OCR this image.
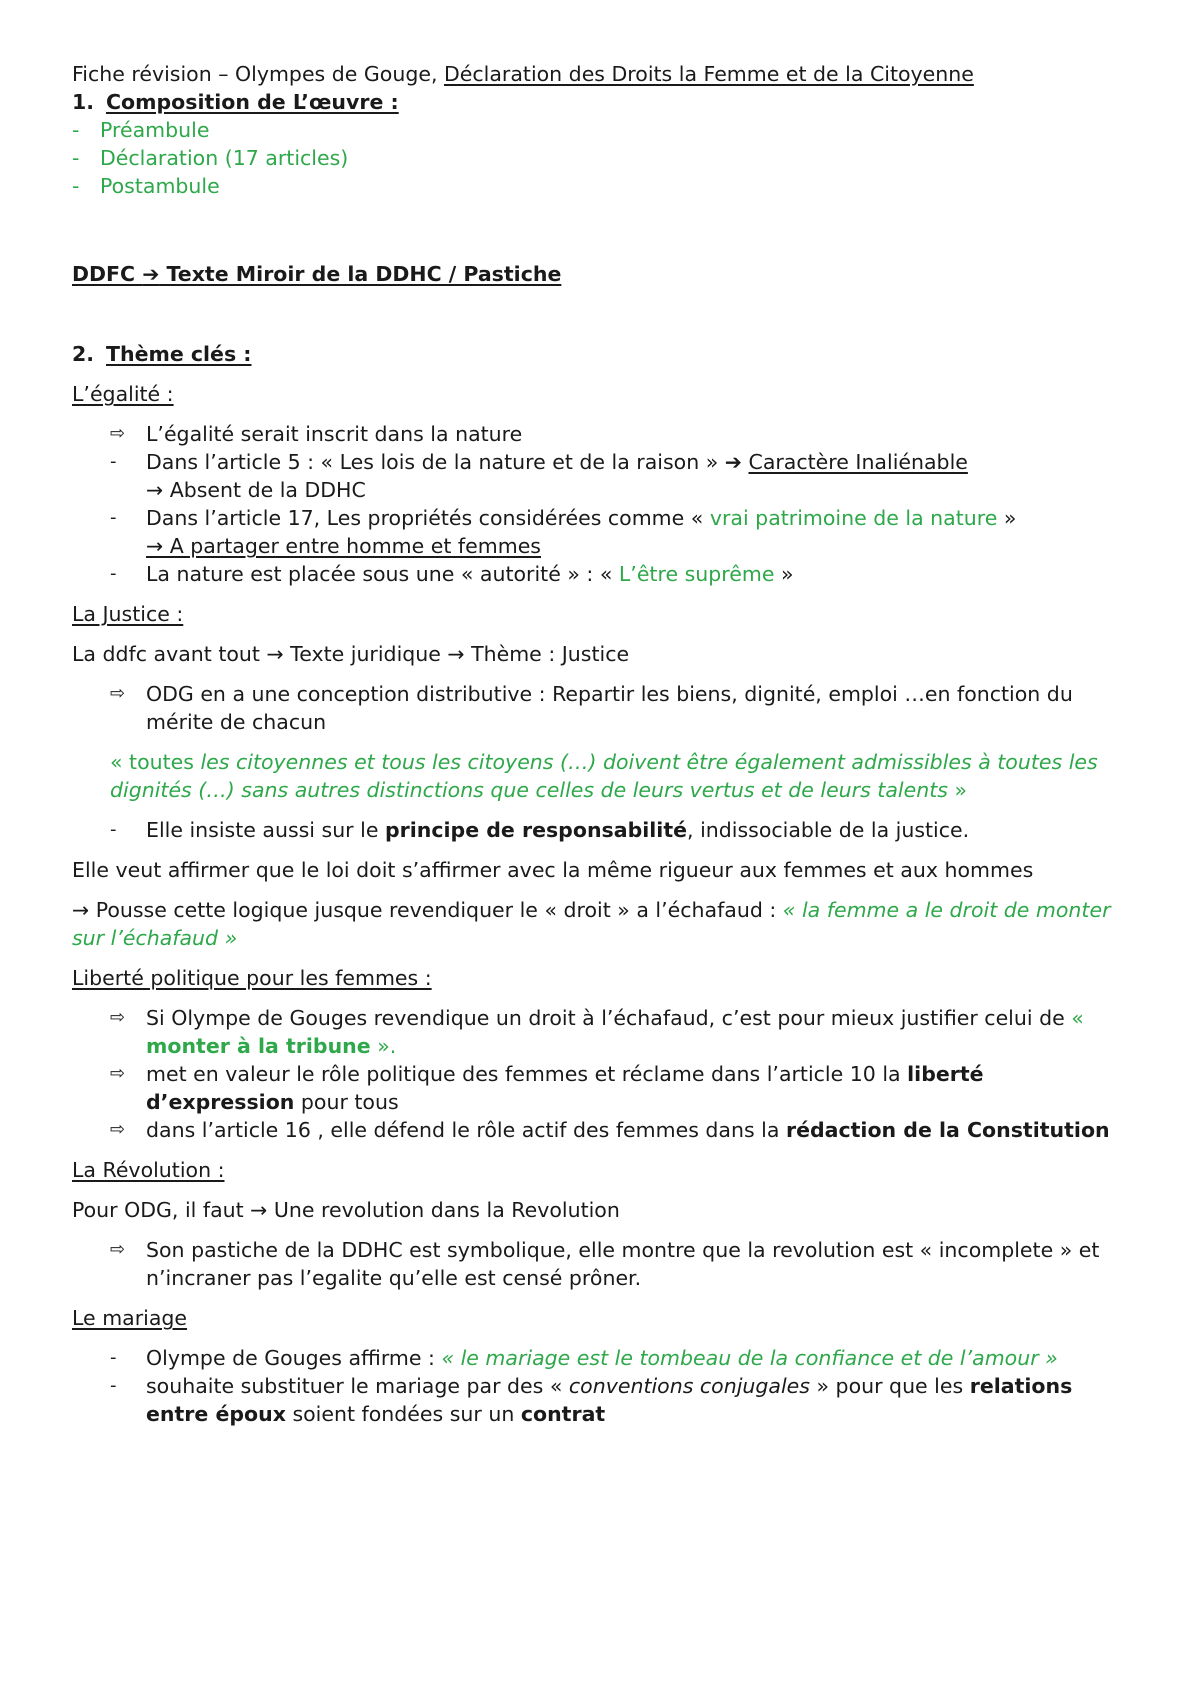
Fiche révision – Olympes de Gouge, Déclaration des Droits la Femme et de la Citoyenne
1. Composition de L’œuvre :
-	Préambule
-	Déclaration (17 articles)
-	Postambule
DDFC ➔ Texte Miroir de la DDHC / Pastiche
2. Thème clés :
L’égalité :
⇨	L’égalité serait inscrit dans la nature
-	Dans l’article 5 : « Les lois de la nature et de la raison » ➔ Caractère Inaliénable
→ Absent de la DDHC
-	Dans l’article 17, Les propriétés considérées comme « vrai patrimoine de la nature »
→ A partager entre homme et femmes
-	La nature est placée sous une « autorité » : « L’être suprême »
La Justice :
La ddfc avant tout → Texte juridique → Thème : Justice
⇨	ODG en a une conception distributive : Repartir les biens, dignité, emploi …en fonction du mérite de chacun
« toutes les citoyennes et tous les citoyens (…) doivent être également admissibles à toutes les dignités (…) sans autres distinctions que celles de leurs vertus et de leurs talents »
-	Elle insiste aussi sur le principe de responsabilité, indissociable de la justice.
Elle veut affirmer que le loi doit s’affirmer avec la même rigueur aux femmes et aux hommes
→ Pousse cette logique jusque revendiquer le « droit » a l’échafaud : « la femme a le droit de monter sur l’échafaud »
Liberté politique pour les femmes :
⇨	Si Olympe de Gouges revendique un droit à l’échafaud, c’est pour mieux justifier celui de « monter à la tribune ».
⇨	met en valeur le rôle politique des femmes et réclame dans l’article 10 la liberté d’expression pour tous
⇨	dans l’article 16 , elle défend le rôle actif des femmes dans la rédaction de la Constitution
La Révolution :
Pour ODG, il faut → Une revolution dans la Revolution
⇨	Son pastiche de la DDHC est symbolique, elle montre que la revolution est « incomplete » et n’incraner pas l’egalite qu’elle est censé prôner.
Le mariage
-	Olympe de Gouges affirme : « le mariage est le tombeau de la confiance et de l’amour »
-	souhaite substituer le mariage par des « conventions conjugales » pour que les relations entre époux soient fondées sur un contrat
